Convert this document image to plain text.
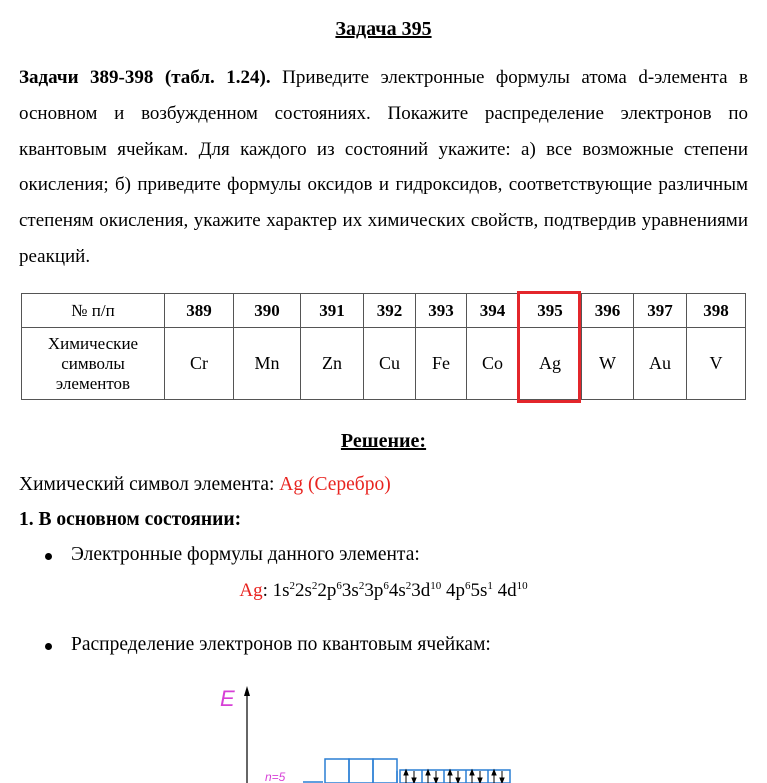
Задача 395

Задачи 389-398 (табл. 1.24). Приведите электронные формулы атома d-элемента в основном и возбужденном состояниях. Покажите распределение электронов по квантовым ячейкам. Для каждого из состояний укажите: а) все возможные степени окисления; б) приведите формулы оксидов и гидроксидов, соответствующие различным степеням окисления, укажите характер их химических свойств, подтвердив уравнениями реакций.

№ п/п	389	390	391	392	393	394	395	396	397	398

Химические
символы
элементов	Cr	Mn	Zn	Cu	Fe	Co	Ag	W	Au	V
Решение:
Химический символ элемента: Ag (Серебро)
1. В основном состоянии:
Электронные формулы данного элемента:
Ag: $1s^22s^22p^63s^23p^64s^23d^{10}$ $4p^65s^1$ $4d^{10}$
Распределение электронов по квантовым ячейкам:
E
n=5
